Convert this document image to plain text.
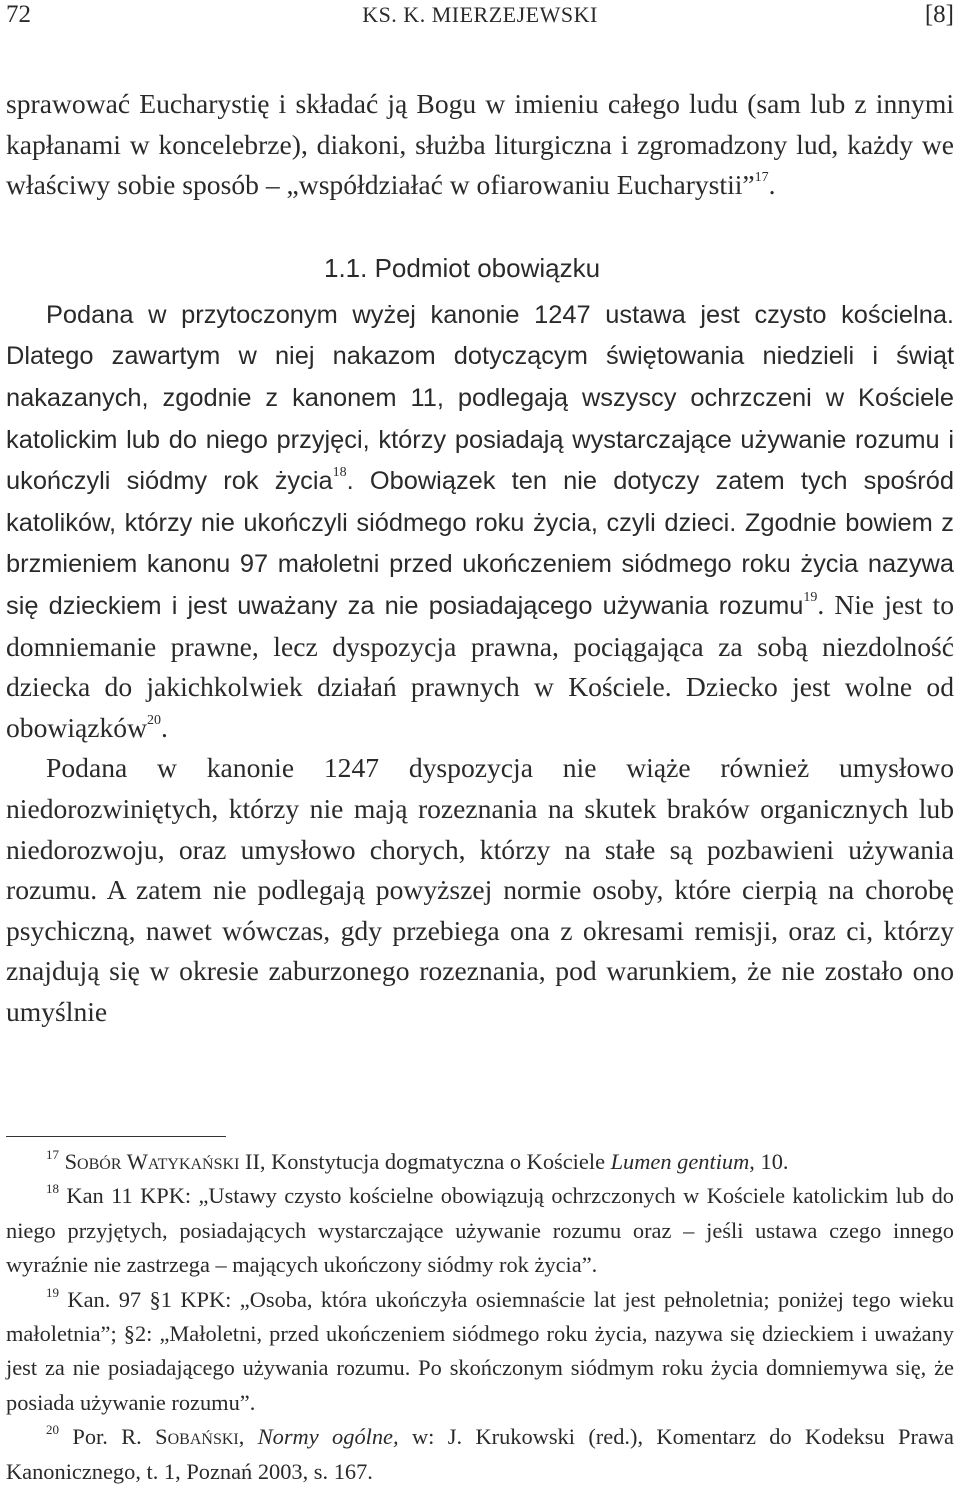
72	KS. K. MIERZEJEWSKI	[8]

sprawować Eucharystię i składać ją Bogu w imieniu całego ludu (sam lub z innymi kapłanami w koncelebrze), diakoni, służba liturgiczna i zgromadzony lud, każdy we właściwy sobie sposób – „współdziałać w ofiarowaniu Eucharystii”$^{17}$.

1.1. Podmiot obowiązku

Podana w przytoczonym wyżej kanonie 1247 ustawa jest czysto kościelna. Dlatego zawartym w niej nakazom dotyczącym świętowania niedzieli i świąt nakazanych, zgodnie z kanonem 11, podlegają wszyscy ochrzczeni w Kościele katolickim lub do niego przyjęci, którzy posiadają wystarczające używanie rozumu i ukończyli siódmy rok życia$^{18}$. Obowiązek ten nie dotyczy zatem tych spośród katolików, którzy nie ukończyli siódmego roku życia, czyli dzieci. Zgodnie bowiem z brzmieniem kanonu 97 małoletni przed ukończeniem siódmego roku życia nazywa się dzieckiem i jest uważany za nie posiadającego używania rozumu$^{19}$. Nie jest to domniemanie prawne, lecz dyspozycja prawna, pociągająca za sobą niezdolność dziecka do jakichkolwiek działań prawnych w Kościele. Dziecko jest wolne od obowiązków$^{20}$.

Podana w kanonie 1247 dyspozycja nie wiąże również umysłowo niedorozwiniętych, którzy nie mają rozeznania na skutek braków organicznych lub niedorozwoju, oraz umysłowo chorych, którzy na stałe są pozbawieni używania rozumu. A zatem nie podlegają powyższej normie osoby, które cierpią na chorobę psychiczną, nawet wówczas, gdy przebiega ona z okresami remisji, oraz ci, którzy znajdują się w okresie zaburzonego rozeznania, pod warunkiem, że nie zostało ono umyślnie

$^{17}$ Sobór Watykański II, Konstytucja dogmatyczna o Kościele Lumen gentium, 10.

$^{18}$ Kan 11 KPK: „Ustawy czysto kościelne obowiązują ochrzczonych w Kościele katolickim lub do niego przyjętych, posiadających wystarczające używanie rozumu oraz – jeśli ustawa czego innego wyraźnie nie zastrzega – mających ukończony siódmy rok życia”.

$^{19}$ Kan. 97 §1 KPK: „Osoba, która ukończyła osiemnaście lat jest pełnoletnia; poniżej tego wieku małoletnia”; §2: „Małoletni, przed ukończeniem siódmego roku życia, nazywa się dzieckiem i uważany jest za nie posiadającego używania rozumu. Po skończonym siódmym roku życia domniemywa się, że posiada używanie rozumu”.

$^{20}$ Por. R. Sobański, Normy ogólne, w: J. Krukowski (red.), Komentarz do Kodeksu Prawa Kanonicznego, t. 1, Poznań 2003, s. 167.
